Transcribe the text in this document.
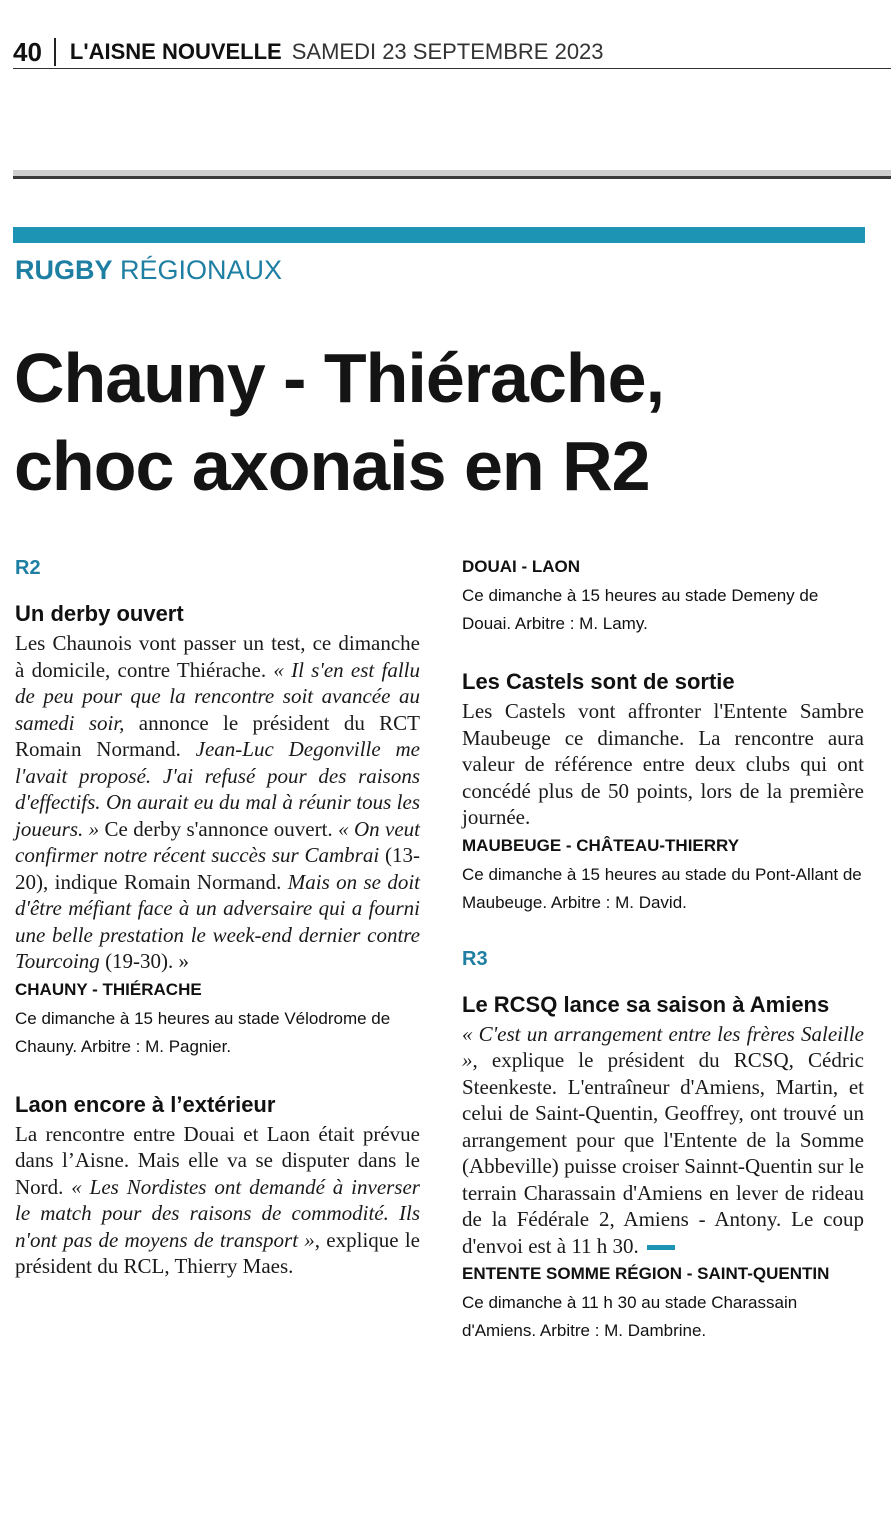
40	L'AISNE NOUVELLE SAMEDI 23 SEPTEMBRE 2023
RUGBY RÉGIONAUX
Chauny - Thiérache,
choc axonais en R2
R2
Un derby ouvert

Les Chaunois vont passer un test, ce dimanche à domicile, contre Thiérache. « Il s'en est fallu de peu pour que la rencontre soit avancée au samedi soir, annonce le président du RCT Romain Normand. Jean-Luc Degonville me l'avait proposé. J'ai refusé pour des raisons d'effectifs. On aurait eu du mal à réunir tous les joueurs. » Ce derby s'annonce ouvert. « On veut confirmer notre récent succès sur Cambrai (13-20), indique Romain Normand. Mais on se doit d'être méfiant face à un adversaire qui a fourni une belle prestation le week-end dernier contre Tourcoing (19-30). »

CHAUNY - THIÉRACHE
Ce dimanche à 15 heures au stade Vélodrome de Chauny. Arbitre : M. Pagnier.
Laon encore à l’extérieur

La rencontre entre Douai et Laon était prévue dans l’Aisne. Mais elle va se disputer dans le Nord. « Les Nordistes ont demandé à inverser le match pour des raisons de commodité. Ils n'ont pas de moyens de transport », explique le président du RCL, Thierry Maes.

DOUAI - LAON
Ce dimanche à 15 heures au stade Demeny de Douai. Arbitre : M. Lamy.
Les Castels sont de sortie

Les Castels vont affronter l'Entente Sambre Maubeuge ce dimanche. La rencontre aura valeur de référence entre deux clubs qui ont concédé plus de 50 points, lors de la première journée.

MAUBEUGE - CHÂTEAU-THIERRY
Ce dimanche à 15 heures au stade du Pont-Allant de Maubeuge. Arbitre : M. David.
R3
Le RCSQ lance sa saison à Amiens

« C'est un arrangement entre les frères Saleille », explique le président du RCSQ, Cédric Steenkeste. L'entraîneur d'Amiens, Martin, et celui de Saint-Quentin, Geoffrey, ont trouvé un arrangement pour que l'Entente de la Somme (Abbeville) puisse croiser Sainnt-Quentin sur le terrain Charassain d'Amiens en lever de rideau de la Fédérale 2, Amiens - Antony. Le coup d'envoi est à 11 h 30.

ENTENTE SOMME RÉGION - SAINT-QUENTIN
Ce dimanche à 11 h 30 au stade Charassain d'Amiens. Arbitre : M. Dambrine.
